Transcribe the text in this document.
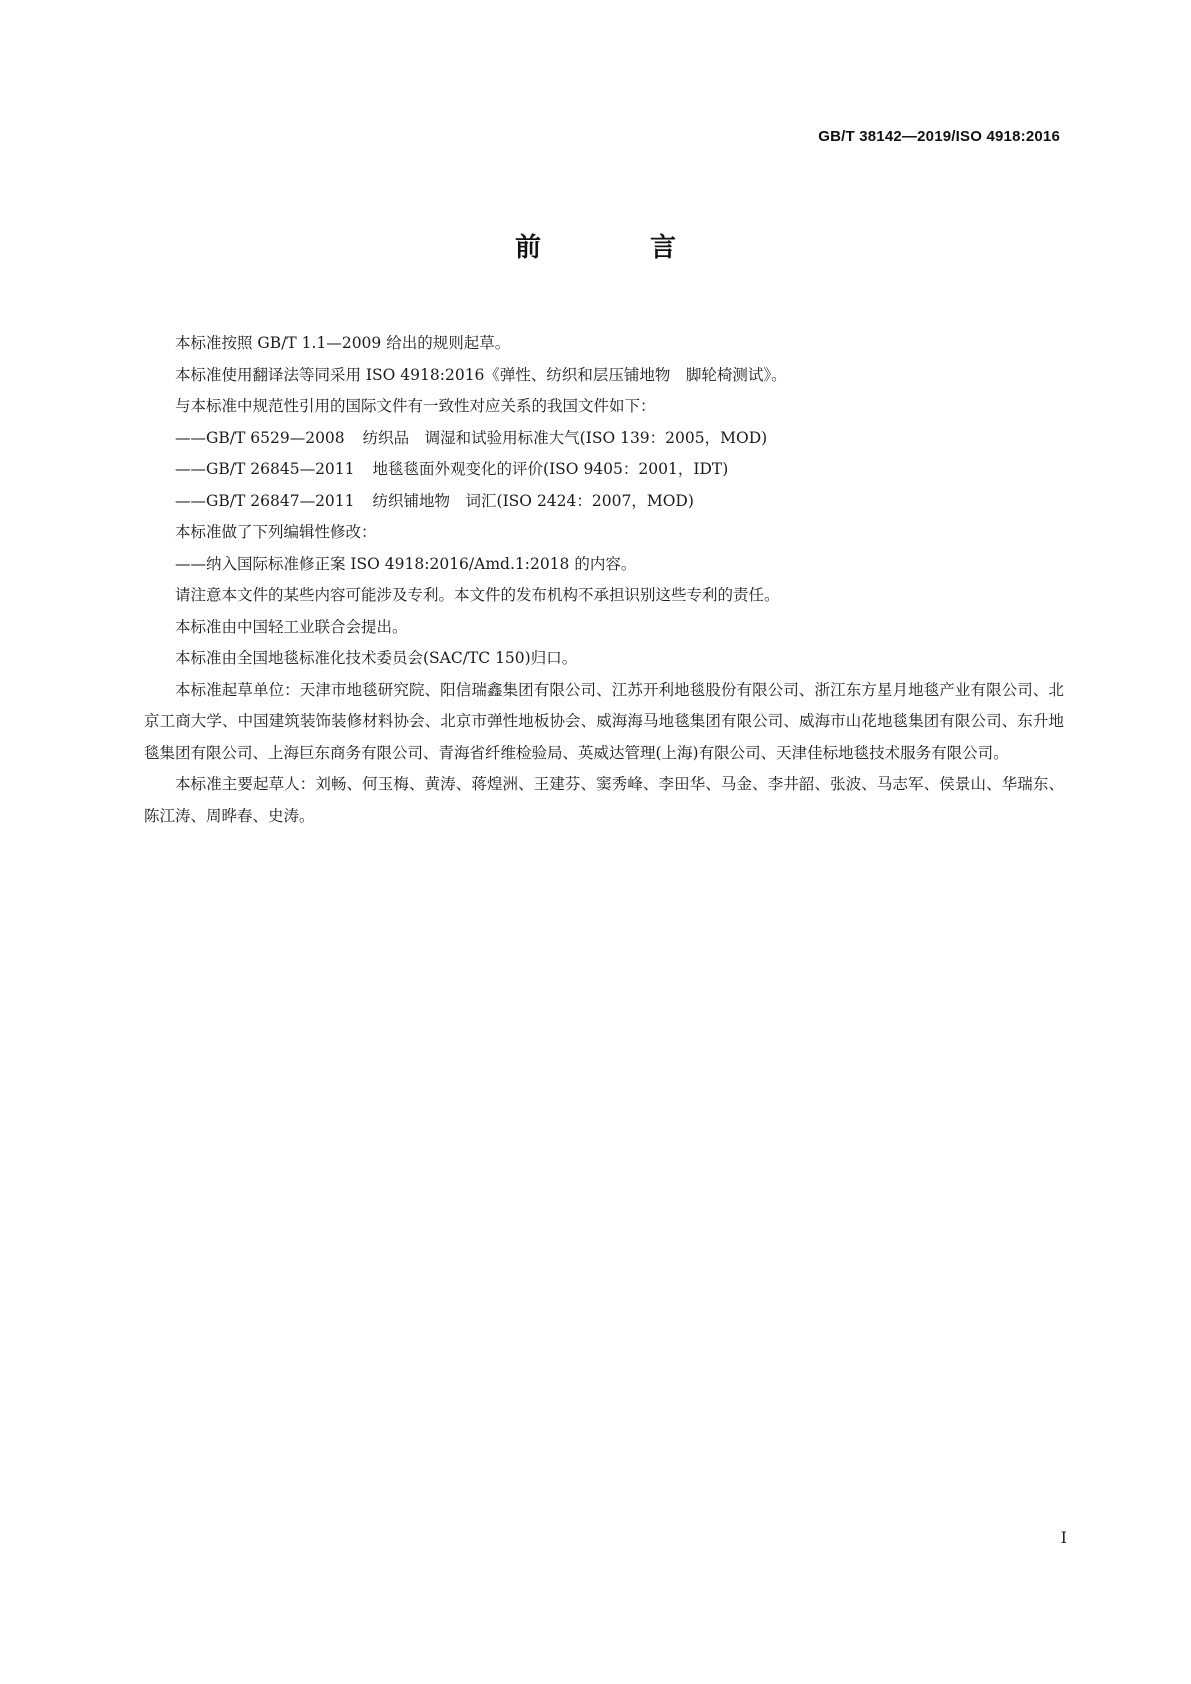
GB/T 38142—2019/ISO 4918:2016
前 言

本标准按照 GB/T 1.1—2009 给出的规则起草。

本标准使用翻译法等同采用 ISO 4918:2016《弹性、纺织和层压铺地物　脚轮椅测试》。

与本标准中规范性引用的国际文件有一致性对应关系的我国文件如下：

——GB/T 6529—2008 纺织品　调湿和试验用标准大气(ISO 139：2005，MOD)

——GB/T 26845—2011 地毯毯面外观变化的评价(ISO 9405：2001，IDT)

——GB/T 26847—2011 纺织铺地物　词汇(ISO 2424：2007，MOD)

本标准做了下列编辑性修改：

——纳入国际标准修正案 ISO 4918:2016/Amd.1:2018 的内容。

请注意本文件的某些内容可能涉及专利。本文件的发布机构不承担识别这些专利的责任。

本标准由中国轻工业联合会提出。

本标准由全国地毯标准化技术委员会(SAC/TC 150)归口。

本标准起草单位：天津市地毯研究院、阳信瑞鑫集团有限公司、江苏开利地毯股份有限公司、浙江东方星月地毯产业有限公司、北京工商大学、中国建筑装饰装修材料协会、北京市弹性地板协会、威海海马地毯集团有限公司、威海市山花地毯集团有限公司、东升地毯集团有限公司、上海巨东商务有限公司、青海省纤维检验局、英威达管理(上海)有限公司、天津佳标地毯技术服务有限公司。

本标准主要起草人：刘畅、何玉梅、黄涛、蒋煌洲、王建芬、窦秀峰、李田华、马金、李井韶、张波、马志军、侯景山、华瑞东、陈江涛、周晔春、史涛。

I
